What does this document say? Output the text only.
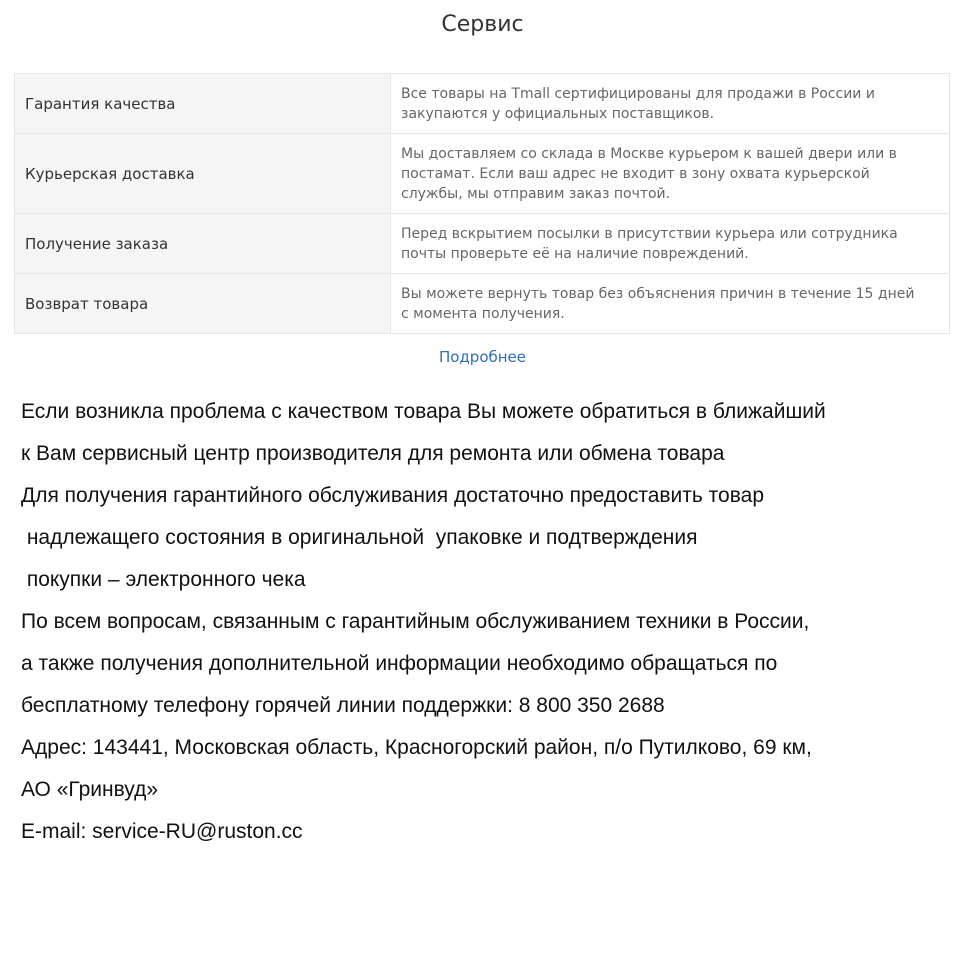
Сервис
Гарантия качества	Все товары на Tmall сертифицированы для продажи в России и
закупаются у официальных поставщиков.

Курьерская доставка	Мы доставляем со склада в Москве курьером к вашей двери или в
постамат. Если ваш адрес не входит в зону охвата курьерской
службы, мы отправим заказ почтой.

Получение заказа	Перед вскрытием посылки в присутствии курьера или сотрудника
почты проверьте её на наличие повреждений.

Возврат товара	Вы можете вернуть товар без объяснения причин в течение 15 дней
с момента получения.
Подробнее
Если возникла проблема с качеством товара Вы можете обратиться в ближайший
к Вам сервисный центр производителя для ремонта или обмена товара
Для получения гарантийного обслуживания достаточно предоставить товар
надлежащего состояния в оригинальной  упаковке и подтверждения
покупки – электронного чека
По всем вопросам, связанным с гарантийным обслуживанием техники в России,
а также получения дополнительной информации необходимо обращаться по
бесплатному телефону горячей линии поддержки: 8 800 350 2688
Адрес: 143441, Московская область, Красногорский район, п/о Путилково, 69 км,
АО «Гринвуд»
E-mail: service-RU@ruston.cc
